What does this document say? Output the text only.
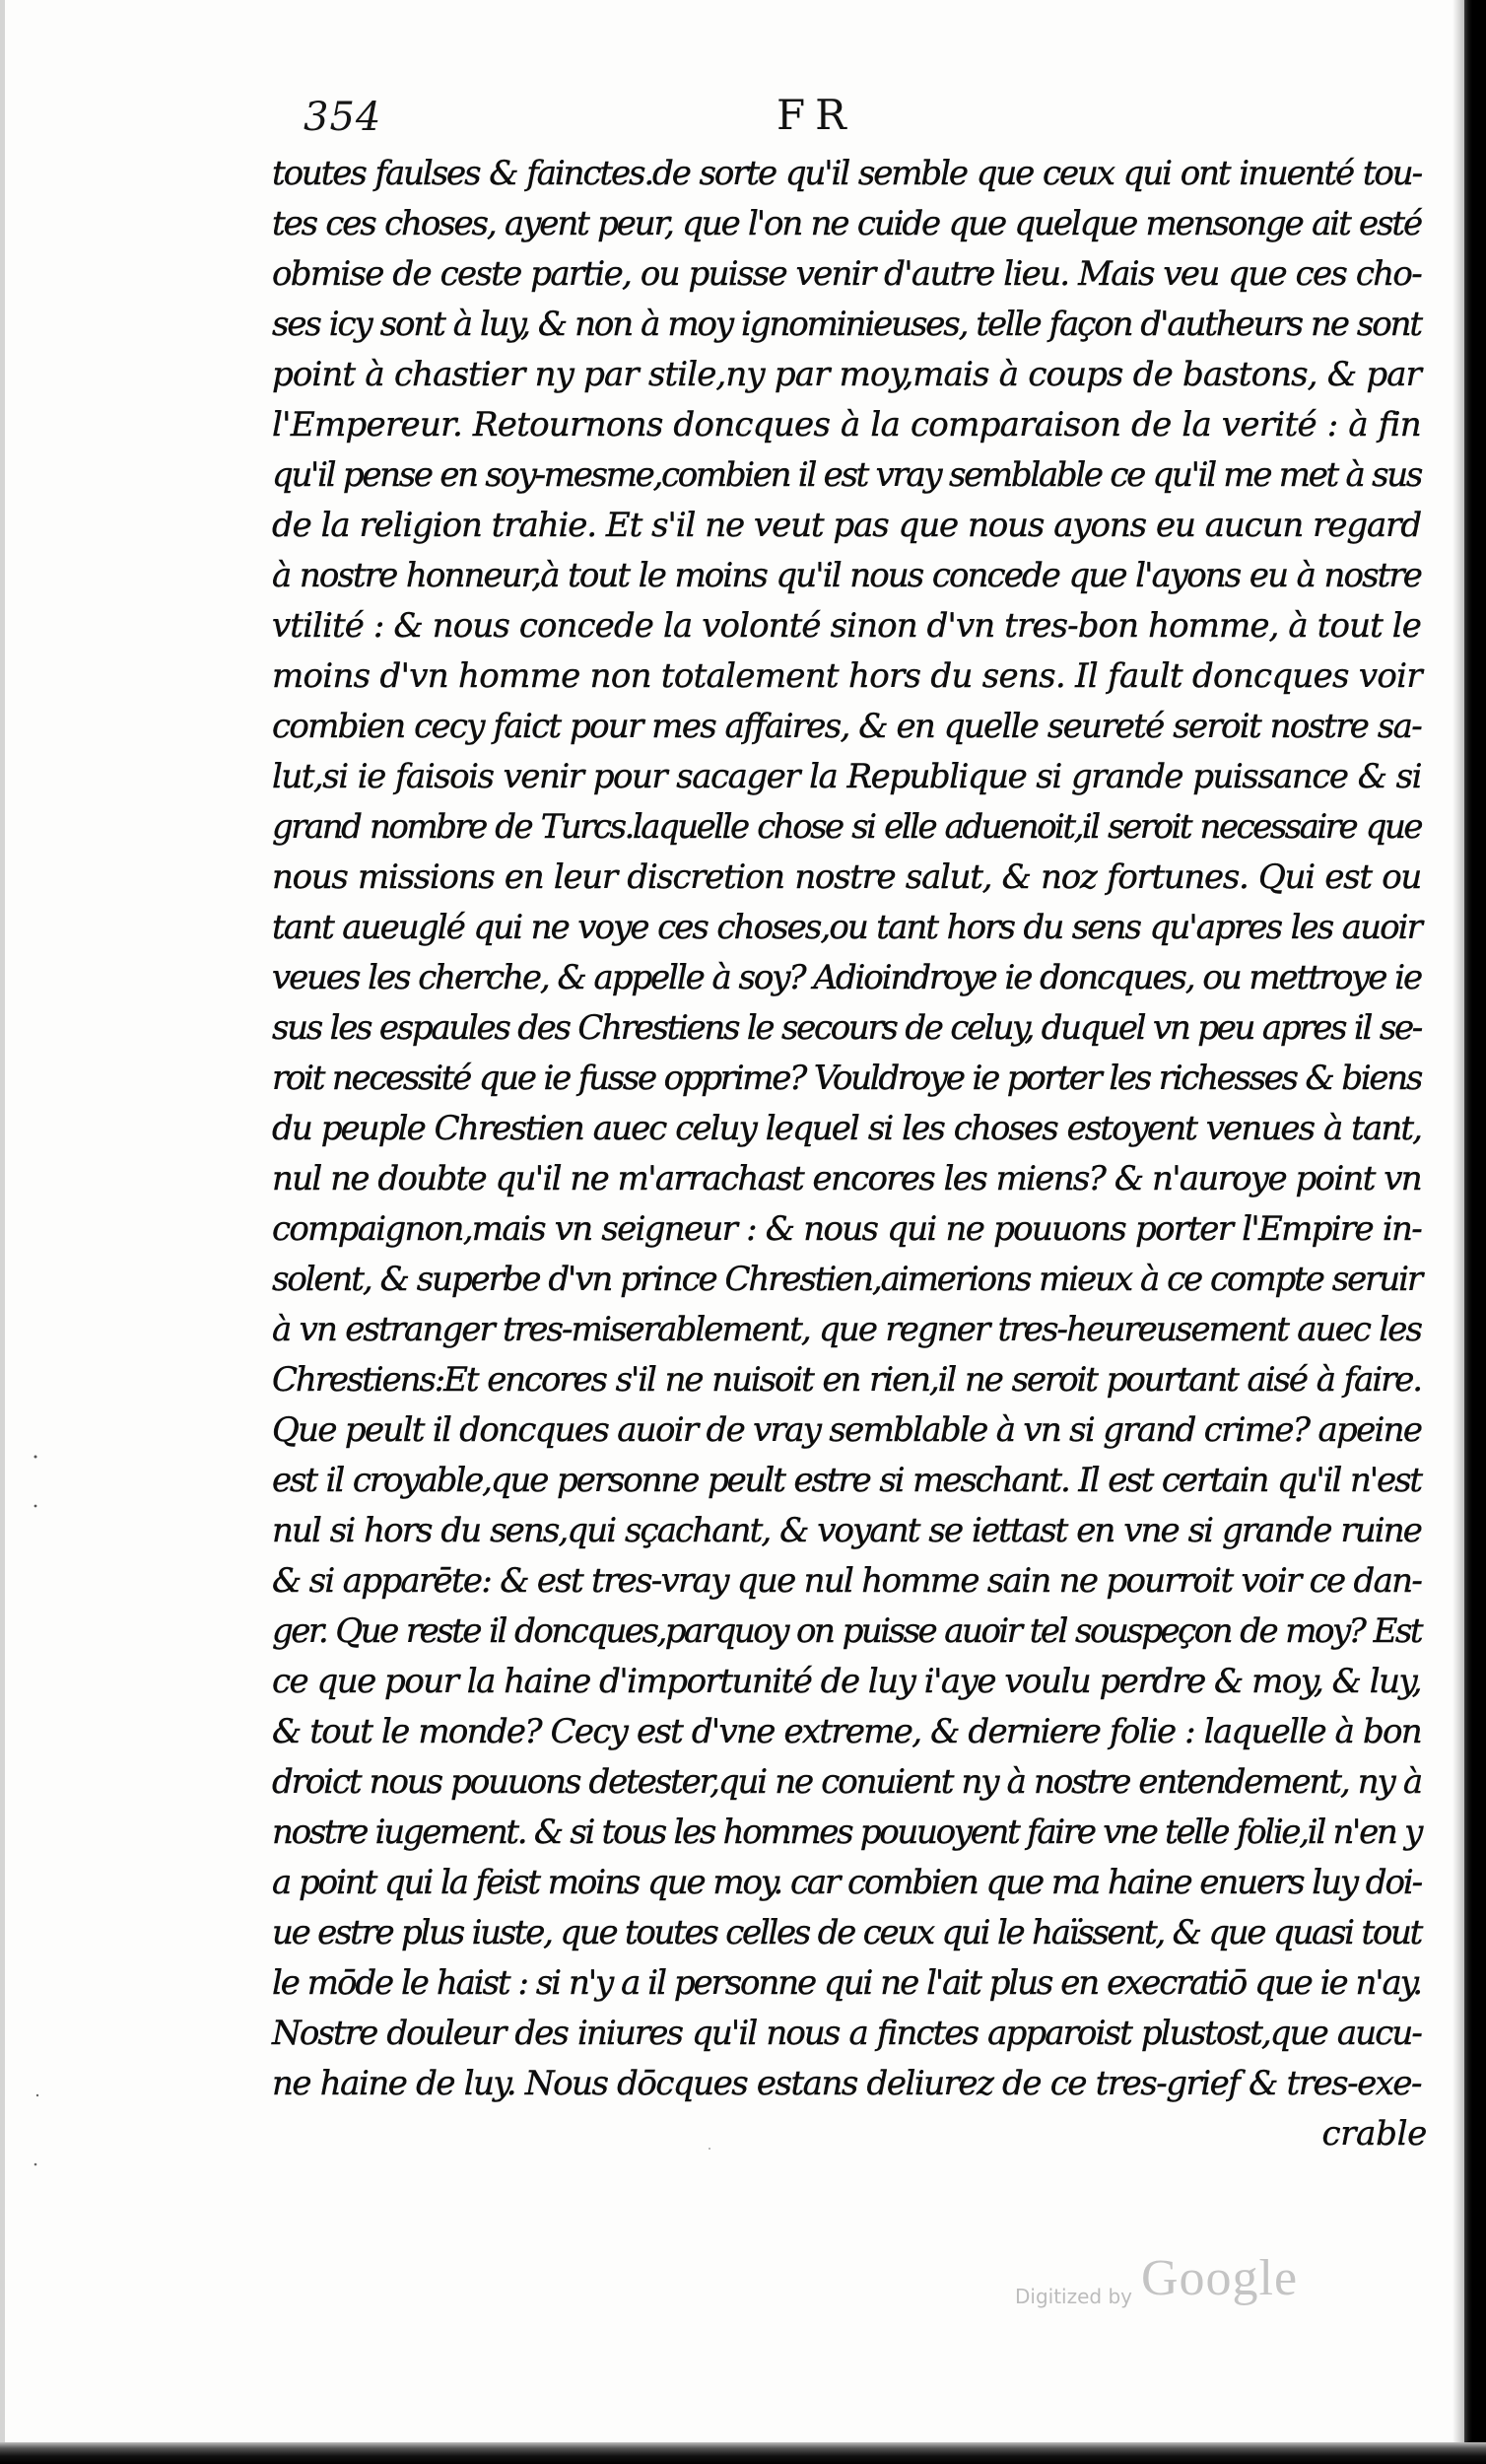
354	FR
toutes faulses & fainctes.de sorte qu'il semble que ceux qui ont inuenté tou-
tes ces choses, ayent peur, que l'on ne cuide que quelque mensonge ait esté
obmise de ceste partie, ou puisse venir d'autre lieu. Mais veu que ces cho-
ses icy sont à luy, & non à moy ignominieuses, telle façon d'autheurs ne sont
point à chastier ny par stile,ny par moy,mais à coups de bastons, & par
l'Empereur. Retournons doncques à la comparaison de la verité : à fin
qu'il pense en soy-mesme,combien il est vray semblable ce qu'il me met à sus
de la religion trahie. Et s'il ne veut pas que nous ayons eu aucun regard
à nostre honneur,à tout le moins qu'il nous concede que l'ayons eu à nostre
vtilité : & nous concede la volonté sinon d'vn tres-bon homme, à tout le
moins d'vn homme non totalement hors du sens. Il fault doncques voir
combien cecy faict pour mes affaires, & en quelle seureté seroit nostre sa-
lut,si ie faisois venir pour sacager la Republique si grande puissance & si
grand nombre de Turcs.laquelle chose si elle aduenoit,il seroit necessaire que
nous missions en leur discretion nostre salut, & noz fortunes. Qui est ou
tant aueuglé qui ne voye ces choses,ou tant hors du sens qu'apres les auoir
veues les cherche, & appelle à soy? Adioindroye ie doncques, ou mettroye ie
sus les espaules des Chrestiens le secours de celuy, duquel vn peu apres il se-
roit necessité que ie fusse opprime? Vouldroye ie porter les richesses & biens
du peuple Chrestien auec celuy lequel si les choses estoyent venues à tant,
nul ne doubte qu'il ne m'arrachast encores les miens? & n'auroye point vn
compaignon,mais vn seigneur : & nous qui ne pouuons porter l'Empire in-
solent, & superbe d'vn prince Chrestien,aimerions mieux à ce compte seruir
à vn estranger tres-miserablement, que regner tres-heureusement auec les
Chrestiens:Et encores s'il ne nuisoit en rien,il ne seroit pourtant aisé à faire.
Que peult il doncques auoir de vray semblable à vn si grand crime? apeine
est il croyable,que personne peult estre si meschant. Il est certain qu'il n'est
nul si hors du sens,qui sçachant, & voyant se iettast en vne si grande ruine
& si apparēte: & est tres-vray que nul homme sain ne pourroit voir ce dan-
ger. Que reste il doncques,parquoy on puisse auoir tel souspeçon de moy? Est
ce que pour la haine d'importunité de luy i'aye voulu perdre & moy, & luy,
& tout le monde? Cecy est d'vne extreme, & derniere folie : laquelle à bon
droict nous pouuons detester,qui ne conuient ny à nostre entendement, ny à
nostre iugement. & si tous les hommes pouuoyent faire vne telle folie,il n'en y
a point qui la feist moins que moy. car combien que ma haine enuers luy doi-
ue estre plus iuste, que toutes celles de ceux qui le haïssent, & que quasi tout
le mōde le haist : si n'y a il personne qui ne l'ait plus en execratiō que ie n'ay.
Nostre douleur des iniures qu'il nous a finctes apparoist plustost,que aucu-
ne haine de luy. Nous dōcques estans deliurez de ce tres-grief & tres-exe-
crable
Digitized by Google
